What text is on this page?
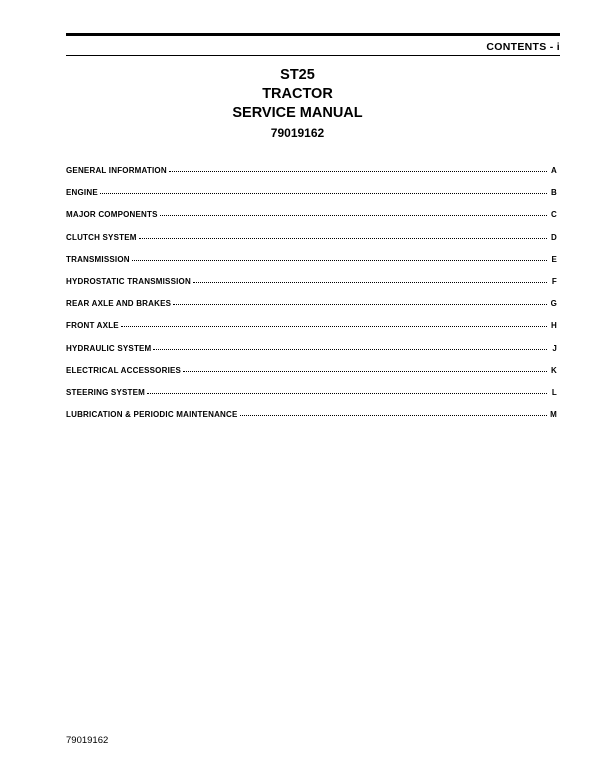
CONTENTS - i
ST25
TRACTOR
SERVICE MANUAL
79019162
GENERAL INFORMATION	A
ENGINE	B
MAJOR COMPONENTS	C
CLUTCH SYSTEM	D
TRANSMISSION	E
HYDROSTATIC TRANSMISSION	F
REAR AXLE AND BRAKES	G
FRONT AXLE	H
HYDRAULIC SYSTEM	J
ELECTRICAL ACCESSORIES	K
STEERING SYSTEM	L
LUBRICATION & PERIODIC MAINTENANCE	M
79019162
